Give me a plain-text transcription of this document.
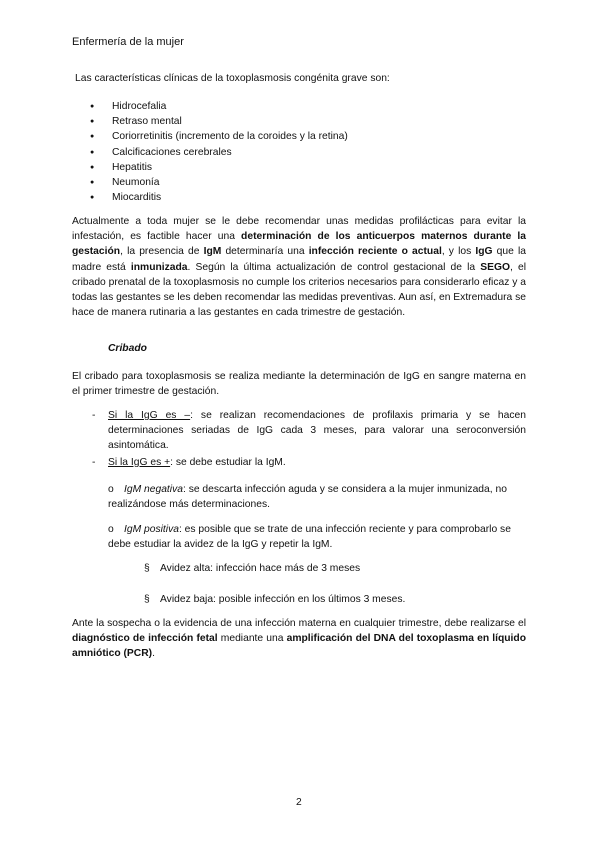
Enfermería de la mujer
Las características clínicas de la toxoplasmosis congénita grave son:
● Hidrocefalia
● Retraso mental
● Coriorretinitis (incremento de la coroides y la retina)
● Calcificaciones cerebrales
● Hepatitis
● Neumonía
● Miocarditis

Actualmente a toda mujer se le debe recomendar unas medidas profilácticas para evitar la infestación, es factible hacer una determinación de los anticuerpos maternos durante la gestación, la presencia de IgM determinaría una infección reciente o actual, y los IgG que la madre está inmunizada. Según la última actualización de control gestacional de la SEGO, el cribado prenatal de la toxoplasmosis no cumple los criterios necesarios para considerarlo eficaz y a todas las gestantes se les deben recomendar las medidas preventivas. Aun así, en Extremadura se hace de manera rutinaria a las gestantes en cada trimestre de gestación.

Cribado

El cribado para toxoplasmosis se realiza mediante la determinación de IgG en sangre materna en el primer trimestre de gestación.

- Si la IgG es –: se realizan recomendaciones de profilaxis primaria y se hacen determinaciones seriadas de IgG cada 3 meses, para valorar una seroconversión asintomática.
- Si la IgG es +: se debe estudiar la IgM.

o IgM negativa: se descarta infección aguda y se considera a la mujer inmunizada, no realizándose más determinaciones.

o IgM positiva: es posible que se trate de una infección reciente y para comprobarlo se debe estudiar la avidez de la IgG y repetir la IgM.

§ Avidez alta: infección hace más de 3 meses

§ Avidez baja: posible infección en los últimos 3 meses.

Ante la sospecha o la evidencia de una infección materna en cualquier trimestre, debe realizarse el diagnóstico de infección fetal mediante una amplificación del DNA del toxoplasma en líquido amniótico (PCR).

2
